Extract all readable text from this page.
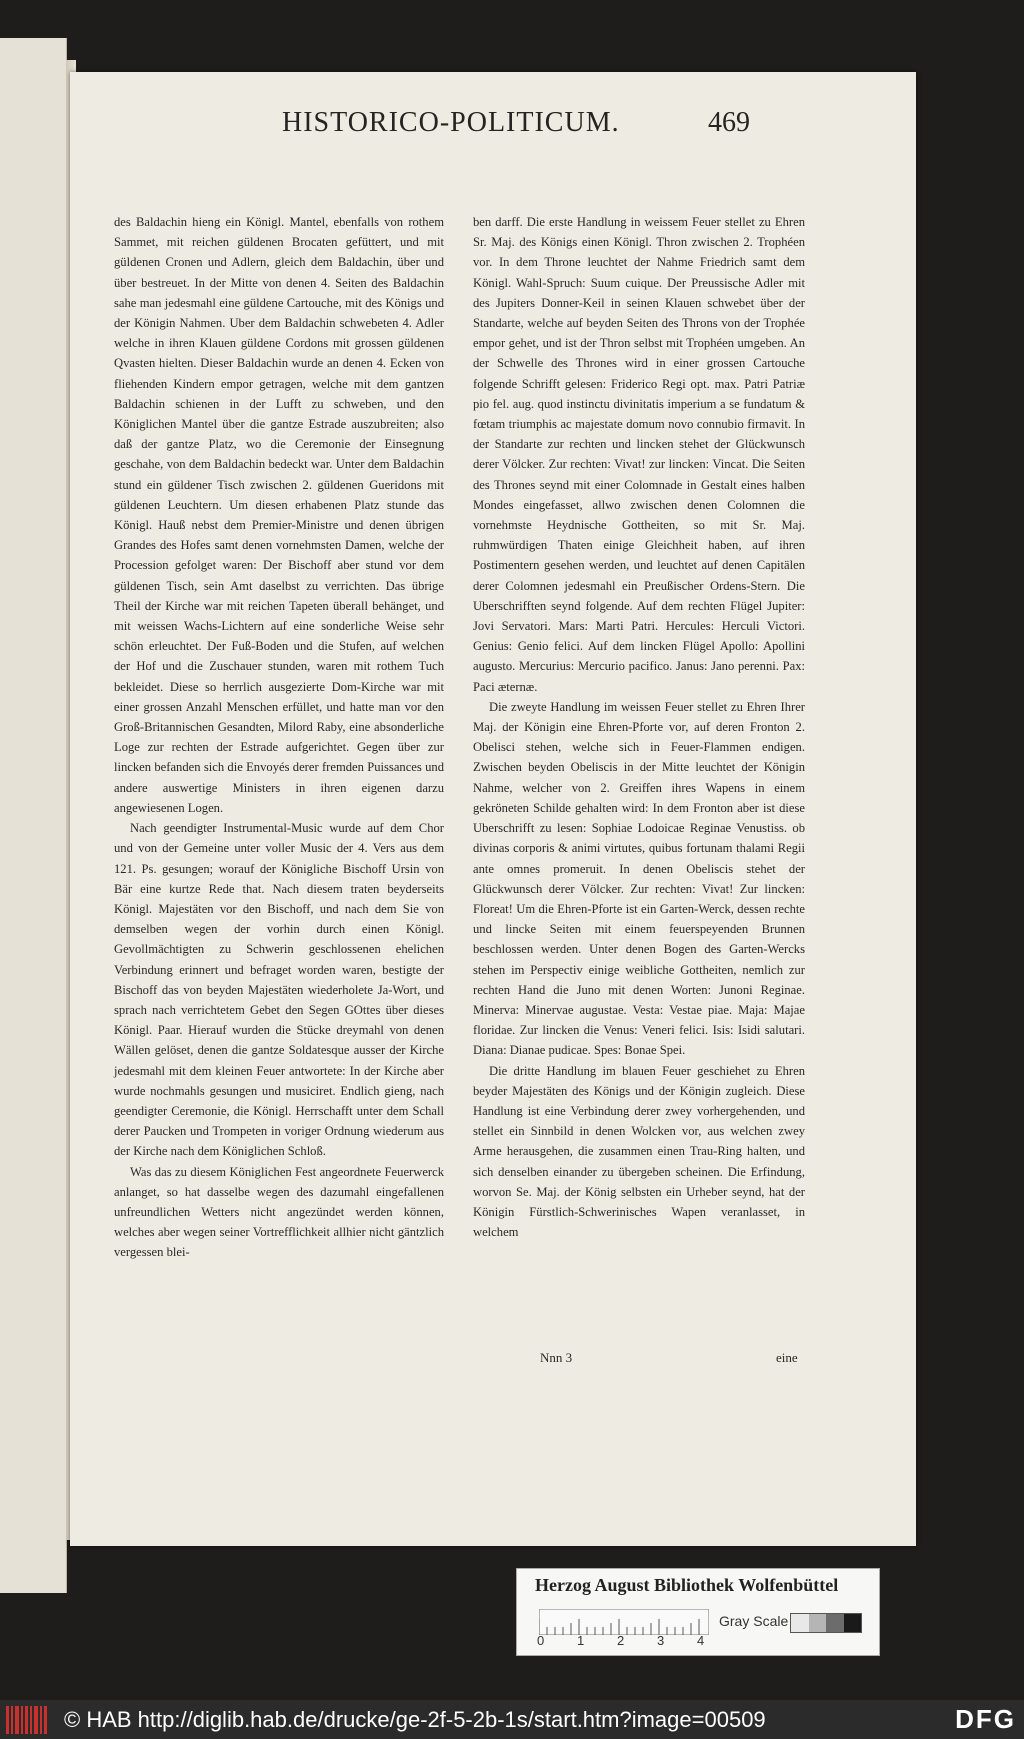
HISTORICO-POLITICUM.	469

des Baldachin hieng ein Königl. Mantel, ebenfalls von rothem Sammet, mit reichen güldenen Brocaten gefüttert, und mit güldenen Cronen und Adlern, gleich dem Baldachin, über und über bestreuet. In der Mitte von denen 4. Seiten des Baldachin sahe man jedesmahl eine güldene Cartouche, mit des Königs und der Königin Nahmen. Uber dem Baldachin schwebeten 4. Adler welche in ihren Klauen güldene Cordons mit grossen güldenen Qvasten hielten. Dieser Baldachin wurde an denen 4. Ecken von fliehenden Kindern empor getragen, welche mit dem gantzen Baldachin schienen in der Lufft zu schweben, und den Königlichen Mantel über die gantze Estrade auszubreiten; also daß der gantze Platz, wo die Ceremonie der Einsegnung geschahe, von dem Baldachin bedeckt war. Unter dem Baldachin stund ein güldener Tisch zwischen 2. güldenen Gueridons mit güldenen Leuchtern. Um diesen erhabenen Platz stunde das Königl. Hauß nebst dem Premier-Ministre und denen übrigen Grandes des Hofes samt denen vornehmsten Damen, welche der Procession gefolget waren: Der Bischoff aber stund vor dem güldenen Tisch, sein Amt daselbst zu verrichten. Das übrige Theil der Kirche war mit reichen Tapeten überall behänget, und mit weissen Wachs-Lichtern auf eine sonderliche Weise sehr schön erleuchtet. Der Fuß-Boden und die Stufen, auf welchen der Hof und die Zuschauer stunden, waren mit rothem Tuch bekleidet. Diese so herrlich ausgezierte Dom-Kirche war mit einer grossen Anzahl Menschen erfüllet, und hatte man vor den Groß-Britannischen Gesandten, Milord Raby, eine absonderliche Loge zur rechten der Estrade aufgerichtet. Gegen über zur lincken befanden sich die Envoyés derer fremden Puissances und andere auswertige Ministers in ihren eigenen darzu angewiesenen Logen.

Nach geendigter Instrumental-Music wurde auf dem Chor und von der Gemeine unter voller Music der 4. Vers aus dem 121. Ps. gesungen; worauf der Königliche Bischoff Ursin von Bär eine kurtze Rede that. Nach diesem traten beyderseits Königl. Majestäten vor den Bischoff, und nach dem Sie von demselben wegen der vorhin durch einen Königl. Gevollmächtigten zu Schwerin geschlossenen ehelichen Verbindung erinnert und befraget worden waren, bestigte der Bischoff das von beyden Majestäten wiederholete Ja-Wort, und sprach nach verrichtetem Gebet den Segen GOttes über dieses Königl. Paar. Hierauf wurden die Stücke dreymahl von denen Wällen gelöset, denen die gantze Soldatesque ausser der Kirche jedesmahl mit dem kleinen Feuer antwortete: In der Kirche aber wurde nochmahls gesungen und musiciret. Endlich gieng, nach geendigter Ceremonie, die Königl. Herrschafft unter dem Schall derer Paucken und Trompeten in voriger Ordnung wiederum aus der Kirche nach dem Königlichen Schloß.

Was das zu diesem Königlichen Fest angeordnete Feuerwerck anlanget, so hat dasselbe wegen des dazumahl eingefallenen unfreundlichen Wetters nicht angezündet werden können, welches aber wegen seiner Vortrefflichkeit allhier nicht gäntzlich vergessen blei-

ben darff. Die erste Handlung in weissem Feuer stellet zu Ehren Sr. Maj. des Königs einen Königl. Thron zwischen 2. Trophéen vor. In dem Throne leuchtet der Nahme Friedrich samt dem Königl. Wahl-Spruch: Suum cuique. Der Preussische Adler mit des Jupiters Donner-Keil in seinen Klauen schwebet über der Standarte, welche auf beyden Seiten des Throns von der Trophée empor gehet, und ist der Thron selbst mit Trophéen umgeben. An der Schwelle des Thrones wird in einer grossen Cartouche folgende Schrifft gelesen: Friderico Regi opt. max. Patri Patriæ pio fel. aug. quod instinctu divinitatis imperium a se fundatum & fœtam triumphis ac majestate domum novo connubio firmavit. In der Standarte zur rechten und lincken stehet der Glückwunsch derer Völcker. Zur rechten: Vivat! zur lincken: Vincat. Die Seiten des Thrones seynd mit einer Colomnade in Gestalt eines halben Mondes eingefasset, allwo zwischen denen Colomnen die vornehmste Heydnische Gottheiten, so mit Sr. Maj. ruhmwürdigen Thaten einige Gleichheit haben, auf ihren Postimentern gesehen werden, und leuchtet auf denen Capitälen derer Colomnen jedesmahl ein Preußischer Ordens-Stern. Die Uberschrifften seynd folgende. Auf dem rechten Flügel Jupiter: Jovi Servatori. Mars: Marti Patri. Hercules: Herculi Victori. Genius: Genio felici. Auf dem lincken Flügel Apollo: Apollini augusto. Mercurius: Mercurio pacifico. Janus: Jano perenni. Pax: Paci æternæ.

Die zweyte Handlung im weissen Feuer stellet zu Ehren Ihrer Maj. der Königin eine Ehren-Pforte vor, auf deren Fronton 2. Obelisci stehen, welche sich in Feuer-Flammen endigen. Zwischen beyden Obeliscis in der Mitte leuchtet der Königin Nahme, welcher von 2. Greiffen ihres Wapens in einem gekröneten Schilde gehalten wird: In dem Fronton aber ist diese Uberschrifft zu lesen: Sophiae Lodoicae Reginae Venustiss. ob divinas corporis & animi virtutes, quibus fortunam thalami Regii ante omnes promeruit. In denen Obeliscis stehet der Glückwunsch derer Völcker. Zur rechten: Vivat! Zur lincken: Floreat! Um die Ehren-Pforte ist ein Garten-Werck, dessen rechte und lincke Seiten mit einem feuerspeyenden Brunnen beschlossen werden. Unter denen Bogen des Garten-Wercks stehen im Perspectiv einige weibliche Gottheiten, nemlich zur rechten Hand die Juno mit denen Worten: Junoni Reginae. Minerva: Minervae augustae. Vesta: Vestae piae. Maja: Majae floridae. Zur lincken die Venus: Veneri felici. Isis: Isidi salutari. Diana: Dianae pudicae. Spes: Bonae Spei.

Die dritte Handlung im blauen Feuer geschiehet zu Ehren beyder Majestäten des Königs und der Königin zugleich. Diese Handlung ist eine Verbindung derer zwey vorhergehenden, und stellet ein Sinnbild in denen Wolcken vor, aus welchen zwey Arme herausgehen, die zusammen einen Trau-Ring halten, und sich denselben einander zu übergeben scheinen. Die Erfindung, worvon Se. Maj. der König selbsten ein Urheber seynd, hat der Königin Fürstlich-Schwerinisches Wapen veranlasset, in welchem

Nnn 3	eine
Herzog August Bibliothek Wolfenbüttel
0	1	2	3	4
Gray Scale
© HAB http://diglib.hab.de/drucke/ge-2f-5-2b-1s/start.htm?image=00509	DFG
